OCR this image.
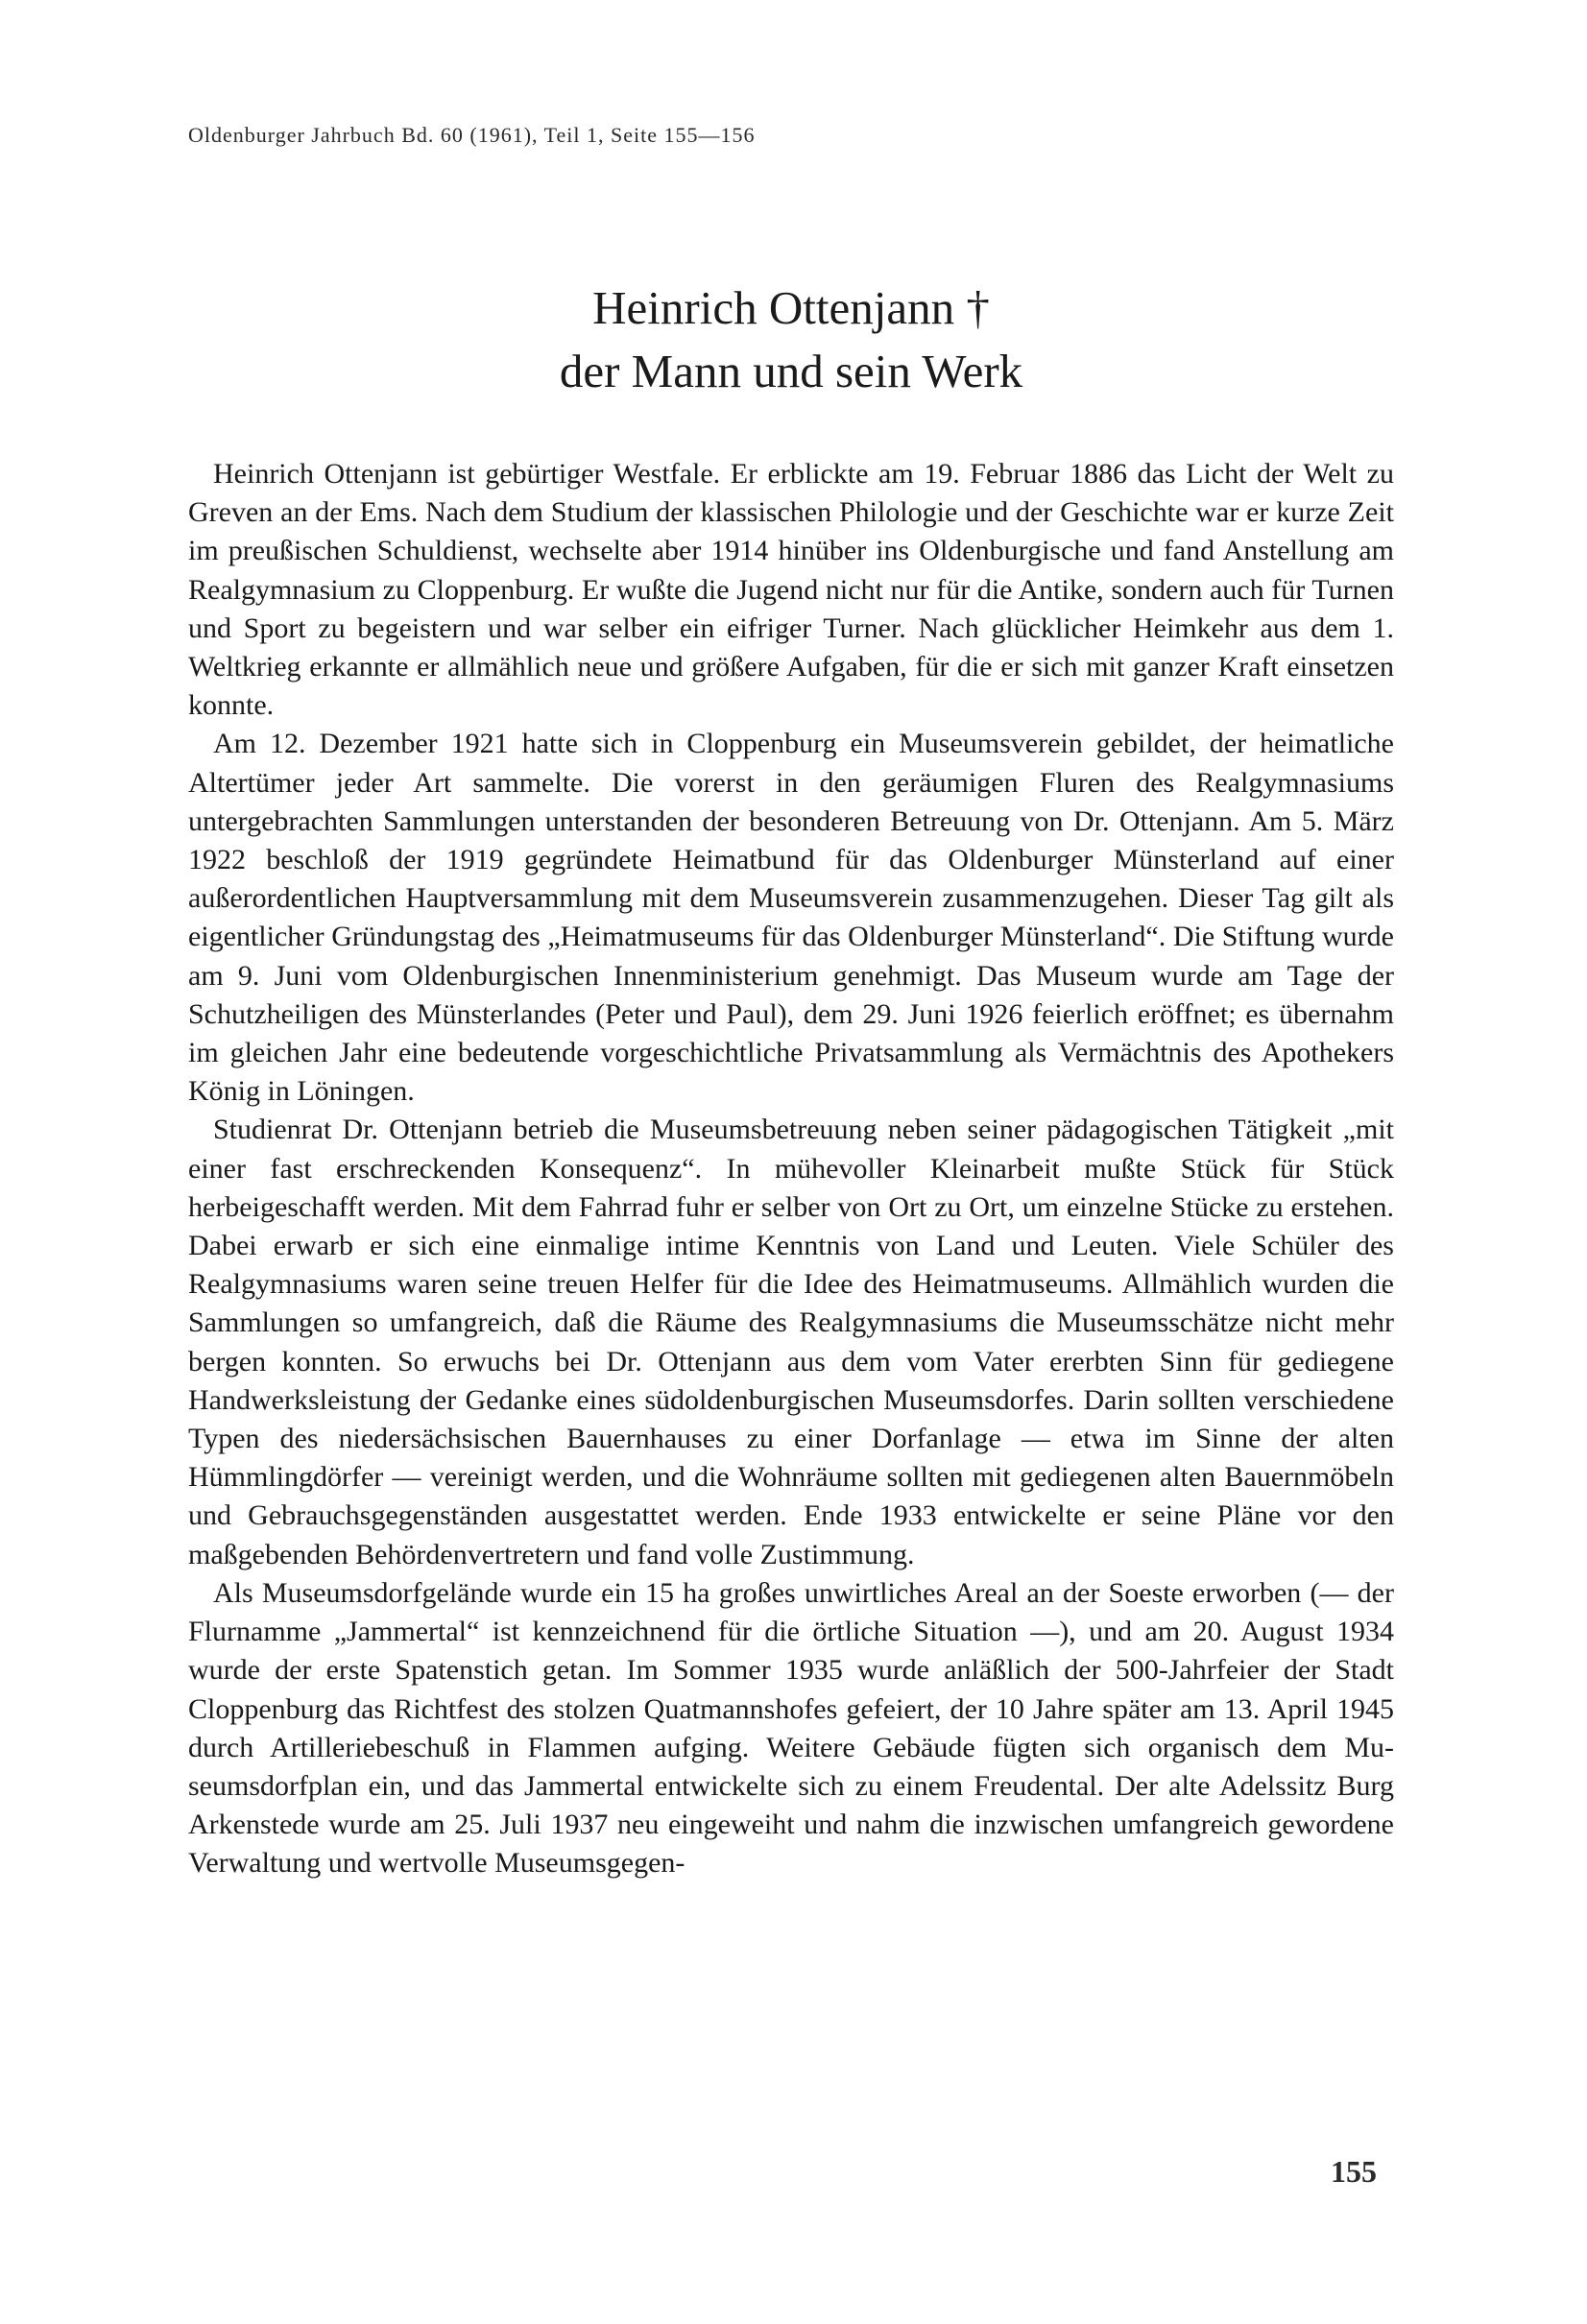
Oldenburger Jahrbuch Bd. 60 (1961), Teil 1, Seite 155—156
Heinrich Ottenjann †
der Mann und sein Werk

Heinrich Ottenjann ist gebürtiger Westfale. Er erblickte am 19. Februar 1886 das Licht der Welt zu Greven an der Ems. Nach dem Studium der klassischen Philologie und der Geschichte war er kurze Zeit im preußischen Schuldienst, wechselte aber 1914 hinüber ins Oldenburgische und fand Anstellung am Realgymnasium zu Cloppenburg. Er wußte die Jugend nicht nur für die Antike, sondern auch für Turnen und Sport zu begeistern und war selber ein eifriger Turner. Nach glücklicher Heimkehr aus dem 1. Weltkrieg erkannte er allmählich neue und größere Aufgaben, für die er sich mit ganzer Kraft einsetzen konnte.

Am 12. Dezember 1921 hatte sich in Cloppenburg ein Museumsverein gebildet, der heimatliche Altertümer jeder Art sammelte. Die vorerst in den geräumigen Fluren des Realgymnasiums untergebrachten Sammlungen unterstanden der besonderen Betreuung von Dr. Ottenjann. Am 5. März 1922 beschloß der 1919 gegründete Heimatbund für das Oldenburger Münsterland auf einer außerordentlichen Hauptversammlung mit dem Museumsverein zusammenzugehen. Dieser Tag gilt als eigentlicher Gründungstag des „Heimatmuseums für das Oldenburger Münsterland“. Die Stiftung wurde am 9. Juni vom Oldenburgischen Innenministerium genehmigt. Das Museum wurde am Tage der Schutzheiligen des Münsterlandes (Peter und Paul), dem 29. Juni 1926 feierlich eröffnet; es übernahm im gleichen Jahr eine bedeutende vorgeschichtliche Privatsammlung als Vermächtnis des Apothekers König in Löningen.

Studienrat Dr. Ottenjann betrieb die Museumsbetreuung neben seiner pädagogischen Tätigkeit „mit einer fast erschreckenden Konsequenz“. In mühevoller Kleinarbeit mußte Stück für Stück herbeigeschafft werden. Mit dem Fahrrad fuhr er selber von Ort zu Ort, um einzelne Stücke zu erstehen. Dabei erwarb er sich eine einmalige intime Kenntnis von Land und Leuten. Viele Schüler des Realgymnasiums waren seine treuen Helfer für die Idee des Heimatmuseums. Allmählich wurden die Sammlungen so umfangreich, daß die Räume des Realgymnasiums die Museumsschätze nicht mehr bergen konnten. So erwuchs bei Dr. Ottenjann aus dem vom Vater ererbten Sinn für gediegene Handwerksleistung der Gedanke eines südoldenburgischen Museumsdorfes. Darin sollten verschiedene Typen des niedersächsischen Bauernhauses zu einer Dorfanlage — etwa im Sinne der alten Hümmlingdörfer — vereinigt werden, und die Wohnräume sollten mit gediegenen alten Bauernmöbeln und Gebrauchsgegenständen ausgestattet werden. Ende 1933 entwickelte er seine Pläne vor den maßgebenden Behördenvertretern und fand volle Zustimmung.

Als Museumsdorfgelände wurde ein 15 ha großes unwirtliches Areal an der Soeste erworben (— der Flurnamme „Jammertal“ ist kennzeichnend für die örtliche Situation —), und am 20. August 1934 wurde der erste Spatenstich getan. Im Sommer 1935 wurde anläßlich der 500-Jahrfeier der Stadt Cloppenburg das Richtfest des stolzen Quatmannshofes gefeiert, der 10 Jahre später am 13. April 1945 durch Artilleriebeschuß in Flammen aufging. Weitere Gebäude fügten sich organisch dem Museumsdorfplan ein, und das Jammertal entwickelte sich zu einem Freudental. Der alte Adelssitz Burg Arkenstede wurde am 25. Juli 1937 neu eingeweiht und nahm die inzwischen umfangreich gewordene Verwaltung und wertvolle Museumsgegen-

155
